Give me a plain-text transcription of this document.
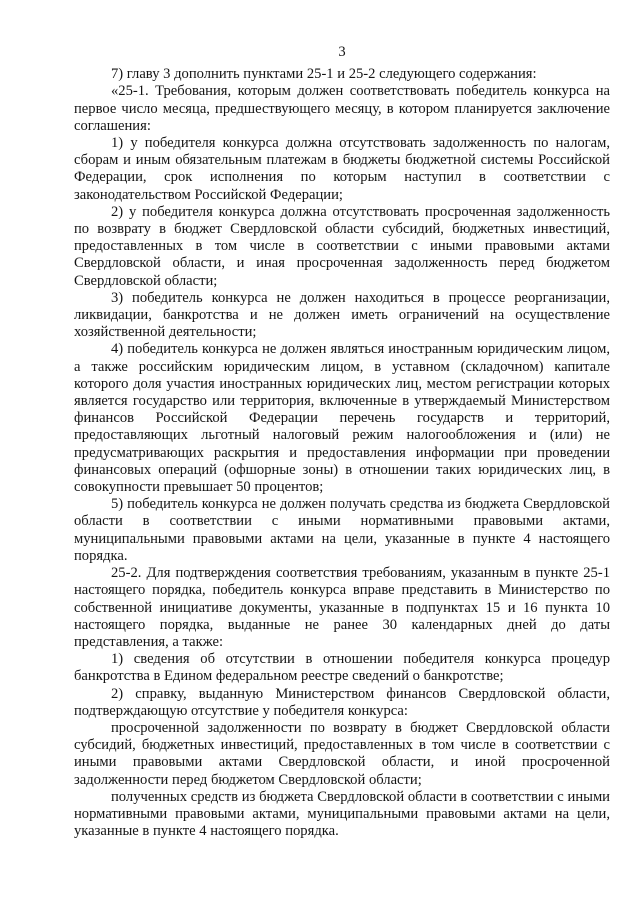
3

7) главу 3 дополнить пунктами 25-1 и 25-2 следующего содержания:

«25-1. Требования, которым должен соответствовать победитель конкурса на первое число месяца, предшествующего месяцу, в котором планируется заключение соглашения:

1) у победителя конкурса должна отсутствовать задолженность по налогам, сборам и иным обязательным платежам в бюджеты бюджетной системы Российской Федерации, срок исполнения по которым наступил в соответствии с законодательством Российской Федерации;

2) у победителя конкурса должна отсутствовать просроченная задолженность по возврату в бюджет Свердловской области субсидий, бюджетных инвестиций, предоставленных в том числе в соответствии с иными правовыми актами Свердловской области, и иная просроченная задолженность перед бюджетом Свердловской области;

3) победитель конкурса не должен находиться в процессе реорганизации, ликвидации, банкротства и не должен иметь ограничений на осуществление хозяйственной деятельности;

4) победитель конкурса не должен являться иностранным юридическим лицом, а также российским юридическим лицом, в уставном (складочном) капитале которого доля участия иностранных юридических лиц, местом регистрации которых является государство или территория, включенные в утверждаемый Министерством финансов Российской Федерации перечень государств и территорий, предоставляющих льготный налоговый режим налогообложения и (или) не предусматривающих раскрытия и предоставления информации при проведении финансовых операций (офшорные зоны) в отношении таких юридических лиц, в совокупности превышает 50 процентов;

5) победитель конкурса не должен получать средства из бюджета Свердловской области в соответствии с иными нормативными правовыми актами, муниципальными правовыми актами на цели, указанные в пункте 4 настоящего порядка.

25-2. Для подтверждения соответствия требованиям, указанным в пункте 25-1 настоящего порядка, победитель конкурса вправе представить в Министерство по собственной инициативе документы, указанные в подпунктах 15 и 16 пункта 10 настоящего порядка, выданные не ранее 30 календарных дней до даты представления, а также:

1) сведения об отсутствии в отношении победителя конкурса процедур банкротства в Едином федеральном реестре сведений о банкротстве;

2) справку, выданную Министерством финансов Свердловской области, подтверждающую отсутствие у победителя конкурса:

просроченной задолженности по возврату в бюджет Свердловской области субсидий, бюджетных инвестиций, предоставленных в том числе в соответствии с иными правовыми актами Свердловской области, и иной просроченной задолженности перед бюджетом Свердловской области;

полученных средств из бюджета Свердловской области в соответствии с иными нормативными правовыми актами, муниципальными правовыми актами на цели, указанные в пункте 4 настоящего порядка.
